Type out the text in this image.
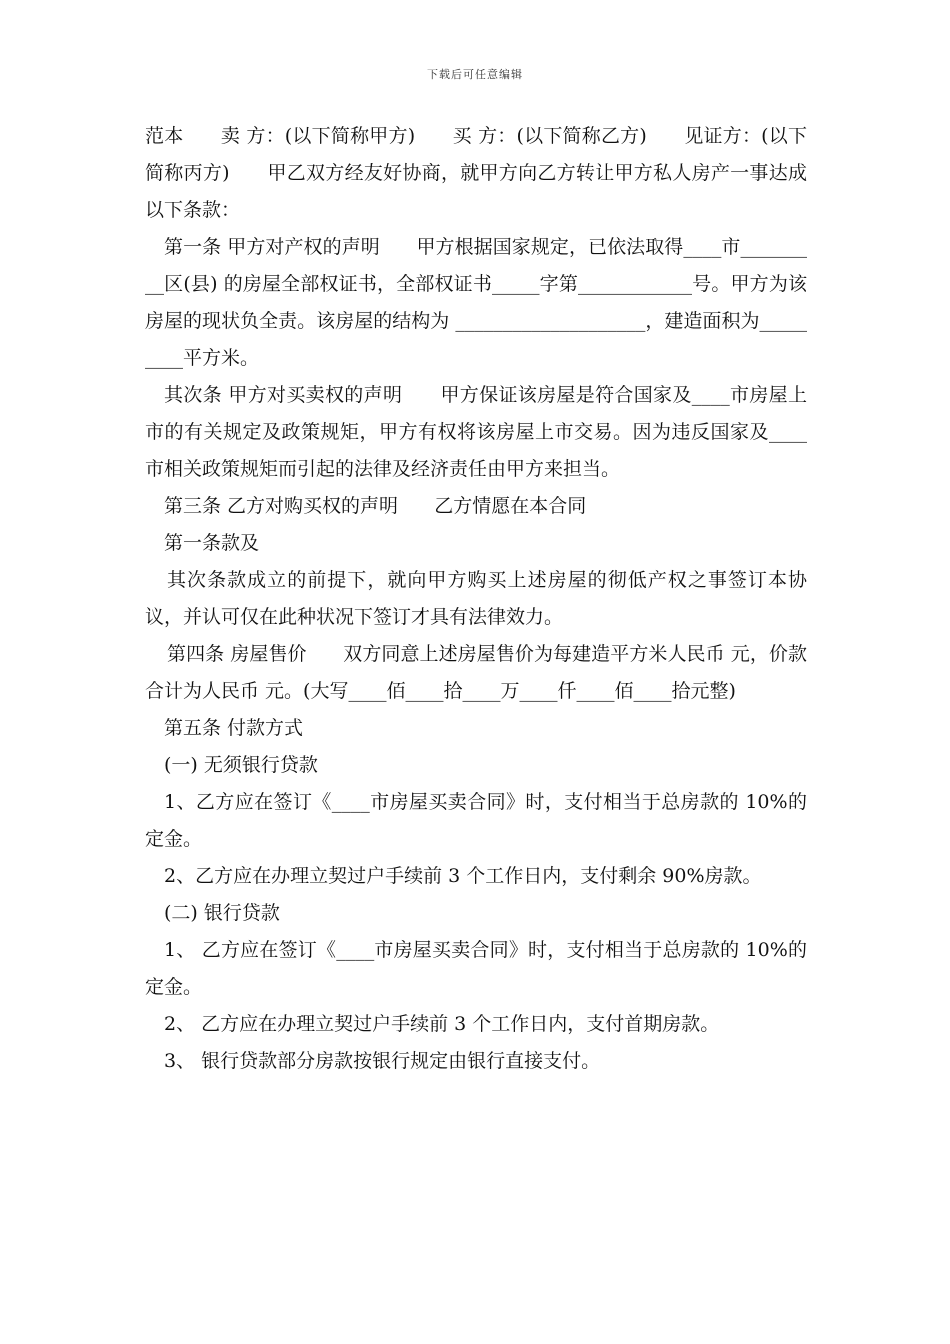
下载后可任意编辑

范本      卖 方：(以下简称甲方)      买 方：(以下简称乙方)      见证方：(以下简称丙方)      甲乙双方经友好协商，就甲方向乙方转让甲方私人房产一事达成以下条款：

第一条 甲方对产权的声明      甲方根据国家规定，已依法取得____市_________区(县) 的房屋全部权证书，全部权证书_____字第____________号。甲方为该房屋的现状负全责。该房屋的结构为 ____________________，建造面积为_________平方米。

其次条 甲方对买卖权的声明      甲方保证该房屋是符合国家及____市房屋上市的有关规定及政策规矩，甲方有权将该房屋上市交易。因为违反国家及____市相关政策规矩而引起的法律及经济责任由甲方来担当。

第三条 乙方对购买权的声明      乙方情愿在本合同

第一条款及

其次条款成立的前提下，就向甲方购买上述房屋的彻低产权之事签订本协议，并认可仅在此种状况下签订才具有法律效力。

第四条 房屋售价      双方同意上述房屋售价为每建造平方米人民币 元，价款合计为人民币 元。(大写____佰____拾____万____仟____佰____拾元整)

第五条 付款方式

(一) 无须银行贷款

1、乙方应在签订《____市房屋买卖合同》时，支付相当于总房款的 10%的定金。

2、乙方应在办理立契过户手续前 3 个工作日内，支付剩余 90%房款。

(二) 银行贷款

1、 乙方应在签订《____市房屋买卖合同》时，支付相当于总房款的 10%的定金。

2、 乙方应在办理立契过户手续前 3 个工作日内，支付首期房款。

3、 银行贷款部分房款按银行规定由银行直接支付。
